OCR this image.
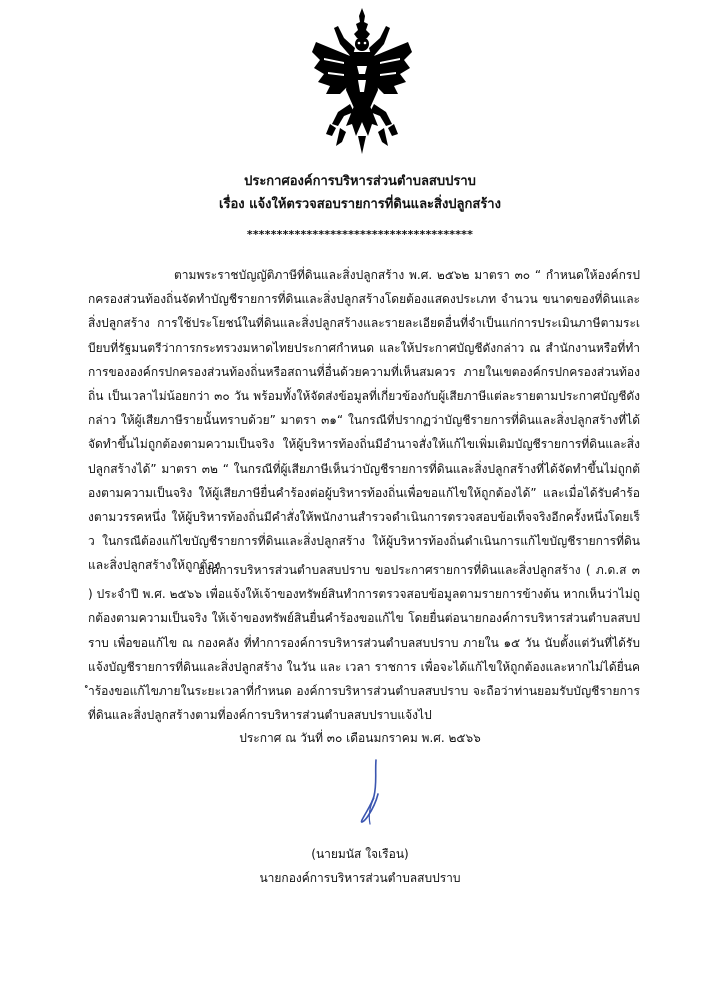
ประกาศองค์การบริหารส่วนตำบลสบปราบ
เรื่อง แจ้งให้ตรวจสอบรายการที่ดินและสิ่งปลูกสร้าง
**************************************
ตามพระราชบัญญัติภาษีที่ดินและสิ่งปลูกสร้าง พ.ศ. ๒๕๖๒ มาตรา ๓๐ “ กำหนดให้องค์กรปกครองส่วนท้องถิ่นจัดทำบัญชีรายการที่ดินและสิ่งปลูกสร้างโดยต้องแสดงประเภท จำนวน ขนาดของที่ดินและสิ่งปลูกสร้าง การใช้ประโยชน์ในที่ดินและสิ่งปลูกสร้างและรายละเอียดอื่นที่จำเป็นแก่การประเมินภาษีตามระเบียบที่รัฐมนตรีว่าการกระทรวงมหาดไทยประกาศกำหนด และให้ประกาศบัญชีดังกล่าว ณ สำนักงานหรือที่ทำการขององค์กรปกครองส่วนท้องถิ่นหรือสถานที่อื่นด้วยความที่เห็นสมควร ภายในเขตองค์กรปกครองส่วนท้องถิ่น เป็นเวลาไม่น้อยกว่า ๓๐ วัน พร้อมทั้งให้จัดส่งข้อมูลที่เกี่ยวข้องกับผู้เสียภาษีแต่ละรายตามประกาศบัญชีดังกล่าว ให้ผู้เสียภาษีรายนั้นทราบด้วย” มาตรา ๓๑“ ในกรณีที่ปรากฏว่าบัญชีรายการที่ดินและสิ่งปลูกสร้างที่ได้จัดทำขึ้นไม่ถูกต้องตามความเป็นจริง ให้ผู้บริหารท้องถิ่นมีอำนาจสั่งให้แก้ไขเพิ่มเติมบัญชีรายการที่ดินและสิ่งปลูกสร้างได้” มาตรา ๓๒ “ ในกรณีที่ผู้เสียภาษีเห็นว่าบัญชีรายการที่ดินและสิ่งปลูกสร้างที่ได้จัดทำขึ้นไม่ถูกต้องตามความเป็นจริง ให้ผู้เสียภาษียื่นคำร้องต่อผู้บริหารท้องถิ่นเพื่อขอแก้ไขให้ถูกต้องได้” และเมื่อได้รับคำร้องตามวรรคหนึ่ง ให้ผู้บริหารท้องถิ่นมีคำสั่งให้พนักงานสำรวจดำเนินการตรวจสอบข้อเท็จจริงอีกครั้งหนึ่งโดยเร็ว ในกรณีต้องแก้ไขบัญชีรายการที่ดินและสิ่งปลูกสร้าง ให้ผู้บริหารท้องถิ่นดำเนินการแก้ไขบัญชีรายการที่ดินและสิ่งปลูกสร้างให้ถูกต้อง
องค์การบริหารส่วนตำบลสบปราบ ขอประกาศรายการที่ดินและสิ่งปลูกสร้าง ( ภ.ด.ส ๓ ) ประจำปี พ.ศ. ๒๕๖๖ เพื่อแจ้งให้เจ้าของทรัพย์สินทำการตรวจสอบข้อมูลตามรายการข้างต้น หากเห็นว่าไม่ถูกต้องตามความเป็นจริง ให้เจ้าของทรัพย์สินยื่นคำร้องขอแก้ไข โดยยื่นต่อนายกองค์การบริหารส่วนตำบลสบปราบ เพื่อขอแก้ไข ณ กองคลัง ที่ทำการองค์การบริหารส่วนตำบลสบปราบ ภายใน ๑๕ วัน นับตั้งแต่วันที่ได้รับแจ้งบัญชีรายการที่ดินและสิ่งปลูกสร้าง ในวัน และ เวลา ราชการ เพื่อจะได้แก้ไขให้ถูกต้องและหากไม่ได้ยื่นคำร้องขอแก้ไขภายในระยะเวลาที่กำหนด องค์การบริหารส่วนตำบลสบปราบ จะถือว่าท่านยอมรับบัญชีรายการที่ดินและสิ่งปลูกสร้างตามที่องค์การบริหารส่วนตำบลสบปราบแจ้งไป
ประกาศ ณ วันที่ ๓๐ เดือนมกราคม พ.ศ. ๒๕๖๖
(นายมนัส ใจเรือน)
นายกองค์การบริหารส่วนตำบลสบปราบ
